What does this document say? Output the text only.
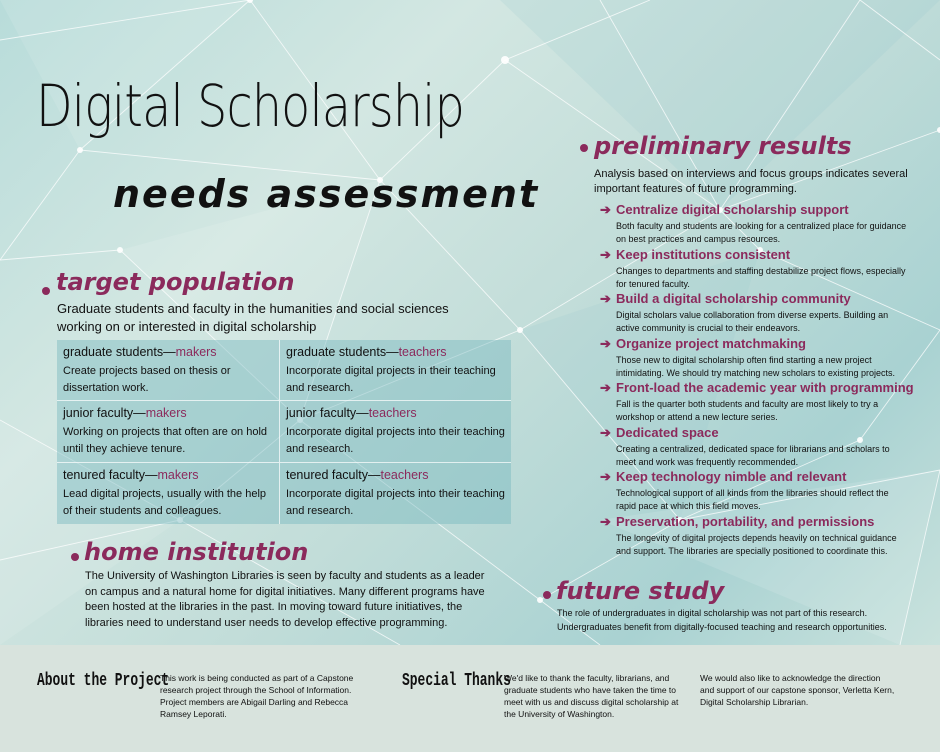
Digital Scholarship
needs assessment
target population

Graduate students and faculty in the humanities and social sciences working on or interested in digital scholarship

graduate students—makers

Create projects based on thesis or dissertation work.

graduate students—teachers

Incorporate digital projects in their teaching and research.

junior faculty—makers

Working on projects that often are on hold until they achieve tenure.

junior faculty—teachers

Incorporate digital projects into their teaching and research.

tenured faculty—makers

Lead digital projects, usually with the help of their students and colleagues.

tenured faculty—teachers

Incorporate digital projects into their teaching and research.

home institution

The University of Washington Libraries is seen by faculty and students as a leader on campus and a natural home for digital initiatives. Many different programs have been hosted at the libraries in the past. In moving toward future initiatives, the libraries need to understand user needs to develop effective programming.

preliminary results

Analysis based on interviews and focus groups indicates several important features of future programming.

➔ Centralize digital scholarship support

Both faculty and students are looking for a centralized place for guidance on best practices and campus resources.

➔ Keep institutions consistent

Changes to departments and staffing destabilize project flows, especially for tenured faculty.

➔ Build a digital scholarship community

Digital scholars value collaboration from diverse experts. Building an active community is crucial to their endeavors.

➔ Organize project matchmaking

Those new to digital scholarship often find starting a new project intimidating. We should try matching new scholars to existing projects.

➔ Front-load the academic year with programming

Fall is the quarter both students and faculty are most likely to try a workshop or attend a new lecture series.

➔ Dedicated space

Creating a centralized, dedicated space for librarians and scholars to meet and work was frequently recommended.

➔ Keep technology nimble and relevant

Technological support of all kinds from the libraries should reflect the rapid pace at which this field moves.

➔ Preservation, portability, and permissions

The longevity of digital projects depends heavily on technical guidance and support. The libraries are specially positioned to coordinate this.

future study

The role of undergraduates in digital scholarship was not part of this research. Undergraduates benefit from digitally-focused teaching and research opportunities.

About the Project

This work is being conducted as part of a Capstone research project through the School of Information. Project members are Abigail Darling and Rebecca Ramsey Leporati.

Special Thanks

We'd like to thank the faculty, librarians, and graduate students who have taken the time to meet with us and discuss digital scholarship at the University of Washington.

We would also like to acknowledge the direction and support of our capstone sponsor, Verletta Kern, Digital Scholarship Librarian.
